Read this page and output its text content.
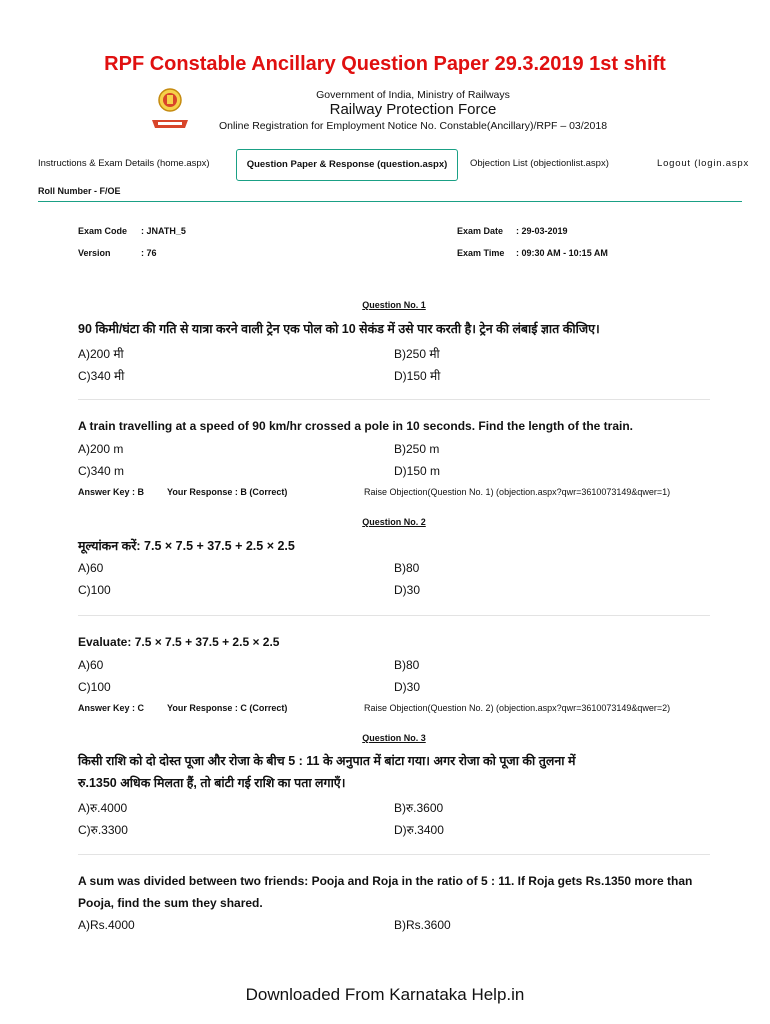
RPF Constable Ancillary Question Paper 29.3.2019 1st shift
Government of India, Ministry of Railways
Railway Protection Force
Online Registration for Employment Notice No. Constable(Ancillary)/RPF – 03/2018
Instructions & Exam Details (home.aspx)	Question Paper & Response (question.aspx)	Objection List (objectionlist.aspx)	Logout (login.aspx
Roll Number - F/OE
Exam Code : JNATH_5
Version	: 76
Exam Date : 29-03-2019
Exam Time : 09:30 AM - 10:15 AM
Question No. 1
90 किमी/घंटा की गति से यात्रा करने वाली ट्रेन एक पोल को 10 सेकंड में उसे पार करती है। ट्रेन की लंबाई ज्ञात कीजिए।
A)200 मी	B)250 मी
C)340 मी	D)150 मी
A train travelling at a speed of 90 km/hr crossed a pole in 10 seconds. Find the length of the train.
A)200 m	B)250 m
C)340 m	D)150 m
Answer Key : B	Your Response : B (Correct)	Raise Objection(Question No. 1) (objection.aspx?qwr=3610073149&qwer=1)
Question No. 2
मूल्यांकन करें: 7.5 × 7.5 + 37.5 + 2.5 × 2.5
A)60	B)80
C)100	D)30
Evaluate: 7.5 × 7.5 + 37.5 + 2.5 × 2.5
A)60	B)80
C)100	D)30
Answer Key : C	Your Response : C (Correct)	Raise Objection(Question No. 2) (objection.aspx?qwr=3610073149&qwer=2)
Question No. 3
किसी राशि को दो दोस्त पूजा और रोजा के बीच 5 : 11 के अनुपात में बांटा गया। अगर रोजा को पूजा की तुलना में
रु.1350 अधिक मिलता हैं, तो बांटी गई राशि का पता लगाएँ।
A)रु.4000	B)रु.3600
C)रु.3300	D)रु.3400
A sum was divided between two friends: Pooja and Roja in the ratio of 5 : 11. If Roja gets Rs.1350 more than
Pooja, find the sum they shared.
A)Rs.4000	B)Rs.3600
Downloaded From Karnataka Help.in
